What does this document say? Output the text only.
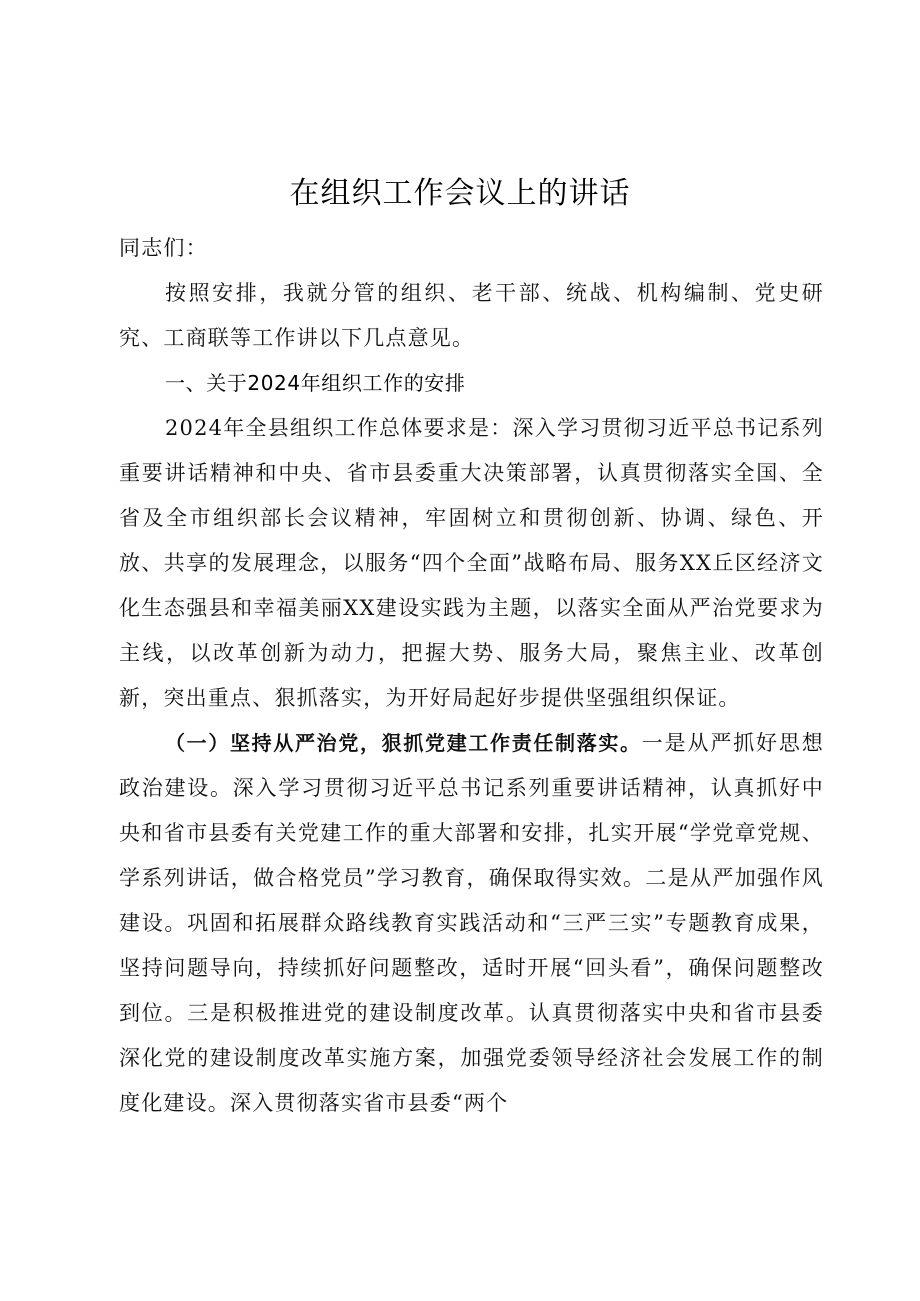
在组织工作会议上的讲话

同志们：

按照安排，我就分管的组织、老干部、统战、机构编制、党史研究、工商联等工作讲以下几点意见。

一、关于2024年组织工作的安排

2024年全县组织工作总体要求是：深入学习贯彻习近平总书记系列重要讲话精神和中央、省市县委重大决策部署，认真贯彻落实全国、全省及全市组织部长会议精神，牢固树立和贯彻创新、协调、绿色、开放、共享的发展理念，以服务“四个全面”战略布局、服务XX丘区经济文化生态强县和幸福美丽XX建设实践为主题，以落实全面从严治党要求为主线，以改革创新为动力，把握大势、服务大局，聚焦主业、改革创新，突出重点、狠抓落实，为开好局起好步提供坚强组织保证。

（一）坚持从严治党，狠抓党建工作责任制落实。一是从严抓好思想政治建设。深入学习贯彻习近平总书记系列重要讲话精神，认真抓好中央和省市县委有关党建工作的重大部署和安排，扎实开展“学党章党规、学系列讲话，做合格党员”学习教育，确保取得实效。二是从严加强作风建设。巩固和拓展群众路线教育实践活动和“三严三实”专题教育成果，坚持问题导向，持续抓好问题整改，适时开展“回头看”，确保问题整改到位。三是积极推进党的建设制度改革。认真贯彻落实中央和省市县委深化党的建设制度改革实施方案，加强党委领导经济社会发展工作的制度化建设。深入贯彻落实省市县委“两个
